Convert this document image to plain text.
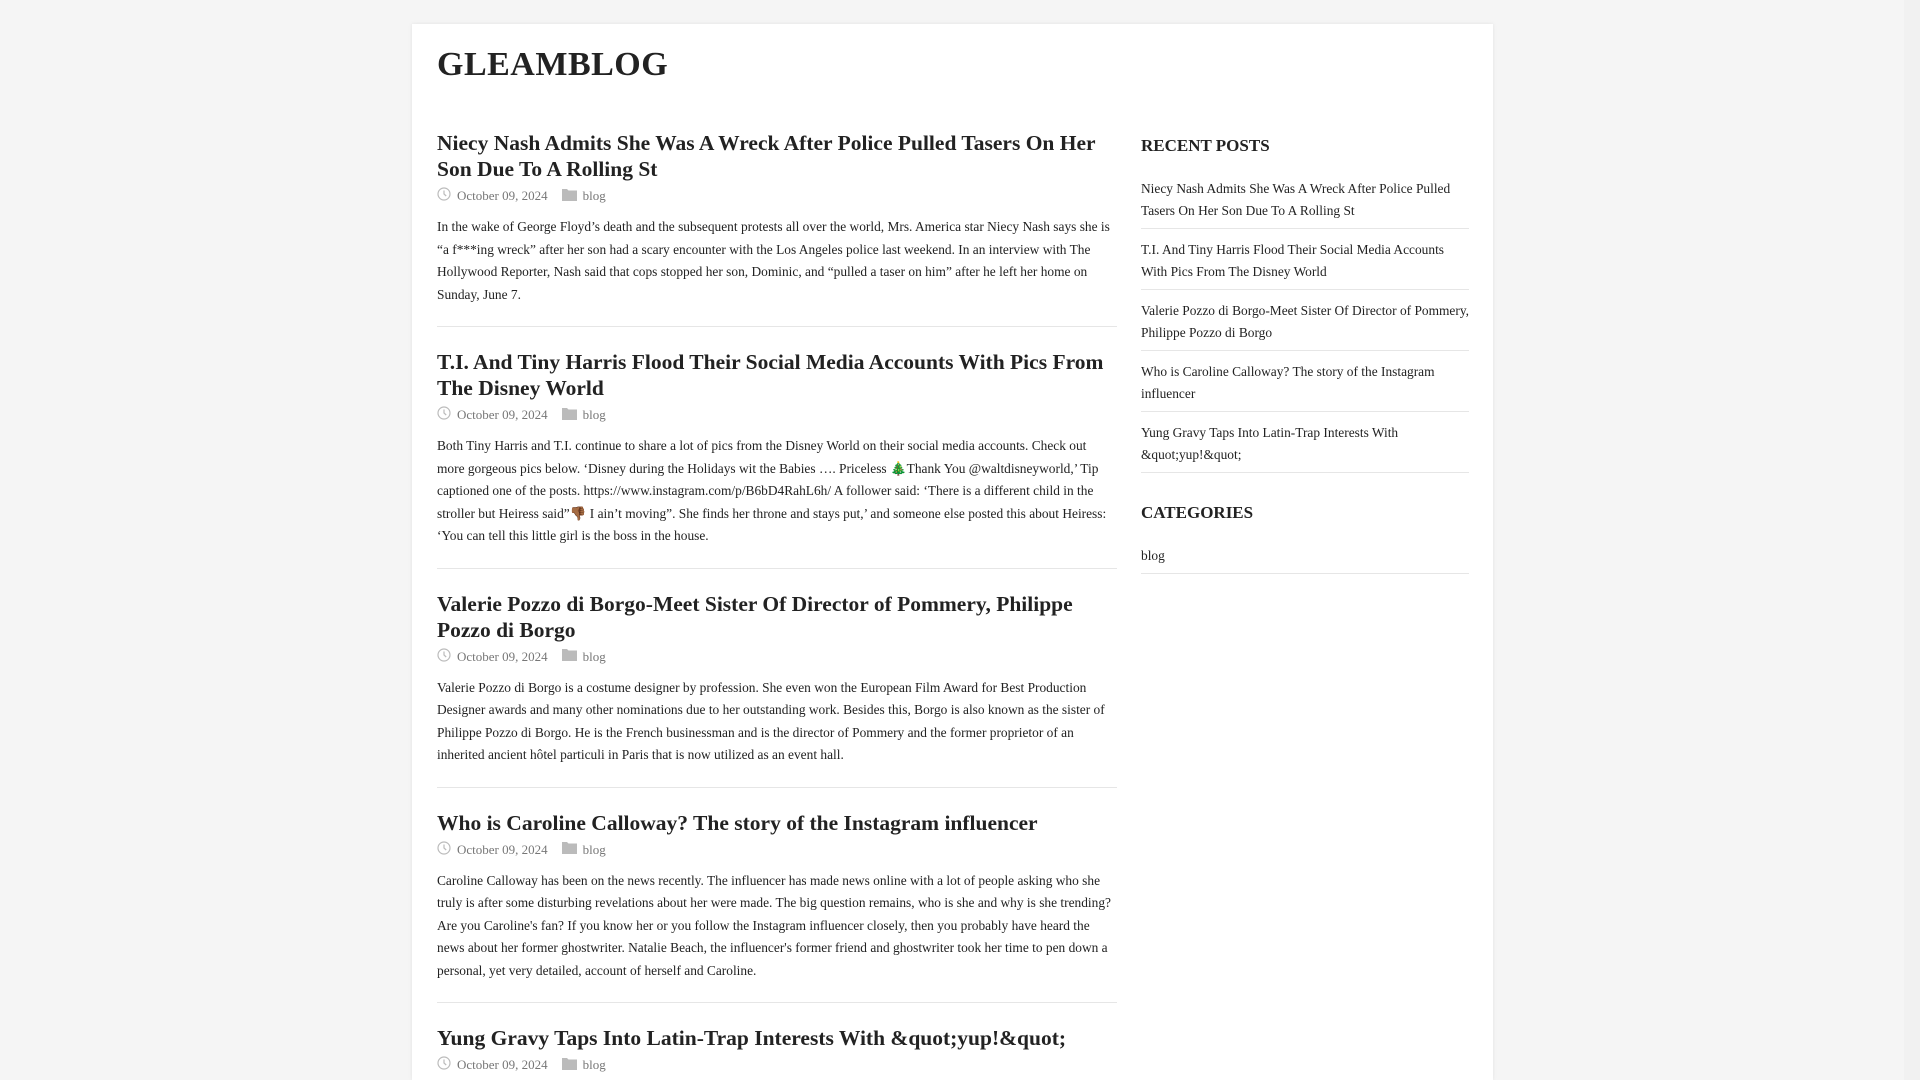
GLEAMBLOG
Niecy Nash Admits She Was A Wreck After Police Pulled Tasers On Her Son Due To A Rolling St
October 09, 2024	blog

In the wake of George Floyd’s death and the subsequent protests all over the world, Mrs. America star Niecy Nash says she is “a f***ing wreck” after her son had a scary encounter with the Los Angeles police last weekend. In an interview with The Hollywood Reporter, Nash said that cops stopped her son, Dominic, and “pulled a taser on him” after he left her home on Sunday, June 7.

T.I. And Tiny Harris Flood Their Social Media Accounts With Pics From The Disney World
October 09, 2024	blog

Both Tiny Harris and T.I. continue to share a lot of pics from the Disney World on their social media accounts. Check out more gorgeous pics below. ‘Disney during the Holidays wit the Babies …. Priceless 🎄Thank You @waltdisneyworld,’ Tip captioned one of the posts. https://www.instagram.com/p/B6bD4RahL6h/ A follower said: ‘There is a different child in the stroller but Heiress said”👎🏾 I ain’t moving”. She finds her throne and stays put,’ and someone else posted this about Heiress: ‘You can tell this little girl is the boss in the house.

Valerie Pozzo di Borgo-Meet Sister Of Director of Pommery, Philippe Pozzo di Borgo
October 09, 2024	blog

Valerie Pozzo di Borgo is a costume designer by profession. She even won the European Film Award for Best Production Designer awards and many other nominations due to her outstanding work. Besides this, Borgo is also known as the sister of Philippe Pozzo di Borgo. He is the French businessman and is the director of Pommery and the former proprietor of an inherited ancient hôtel particuli in Paris that is now utilized as an event hall.

Who is Caroline Calloway? The story of the Instagram influencer
October 09, 2024	blog

Caroline Calloway has been on the news recently. The influencer has made news online with a lot of people asking who she truly is after some disturbing revelations about her were made. The big question remains, who is she and why is she trending? Are you Caroline's fan? If you know her or you follow the Instagram influencer closely, then you probably have heard the news about her former ghostwriter. Natalie Beach, the influencer's former friend and ghostwriter took her time to pen down a personal, yet very detailed, account of herself and Caroline.

Yung Gravy Taps Into Latin-Trap Interests With &quot;yup!&quot;
October 09, 2024	blog
RECENT POSTS
Niecy Nash Admits She Was A Wreck After Police Pulled Tasers On Her Son Due To A Rolling St
T.I. And Tiny Harris Flood Their Social Media Accounts With Pics From The Disney World
Valerie Pozzo di Borgo-Meet Sister Of Director of Pommery, Philippe Pozzo di Borgo
Who is Caroline Calloway? The story of the Instagram influencer
Yung Gravy Taps Into Latin-Trap Interests With &quot;yup!&quot;
CATEGORIES
blog
